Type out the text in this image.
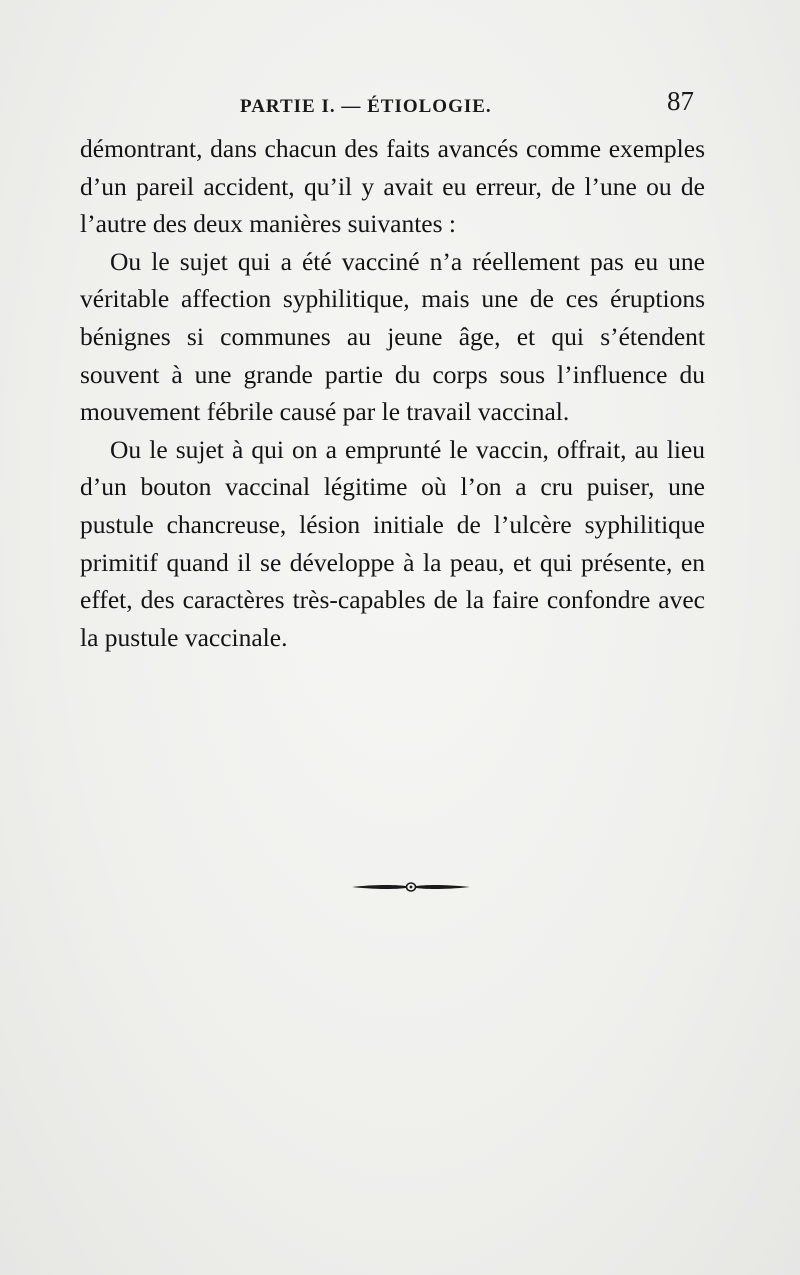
PARTIE I. — ÉTIOLOGIE.	87

démontrant, dans chacun des faits avancés comme exemples d’un pareil accident, qu’il y avait eu erreur, de l’une ou de l’autre des deux manières suivantes :

Ou le sujet qui a été vacciné n’a réellement pas eu une véritable affection syphilitique, mais une de ces éruptions bénignes si communes au jeune âge, et qui s’étendent souvent à une grande partie du corps sous l’influence du mouvement fébrile causé par le travail vaccinal.

Ou le sujet à qui on a emprunté le vaccin, offrait, au lieu d’un bouton vaccinal légitime où l’on a cru puiser, une pustule chancreuse, lésion initiale de l’ulcère syphilitique primitif quand il se développe à la peau, et qui présente, en effet, des caractères très-capables de la faire confondre avec la pustule vaccinale.
